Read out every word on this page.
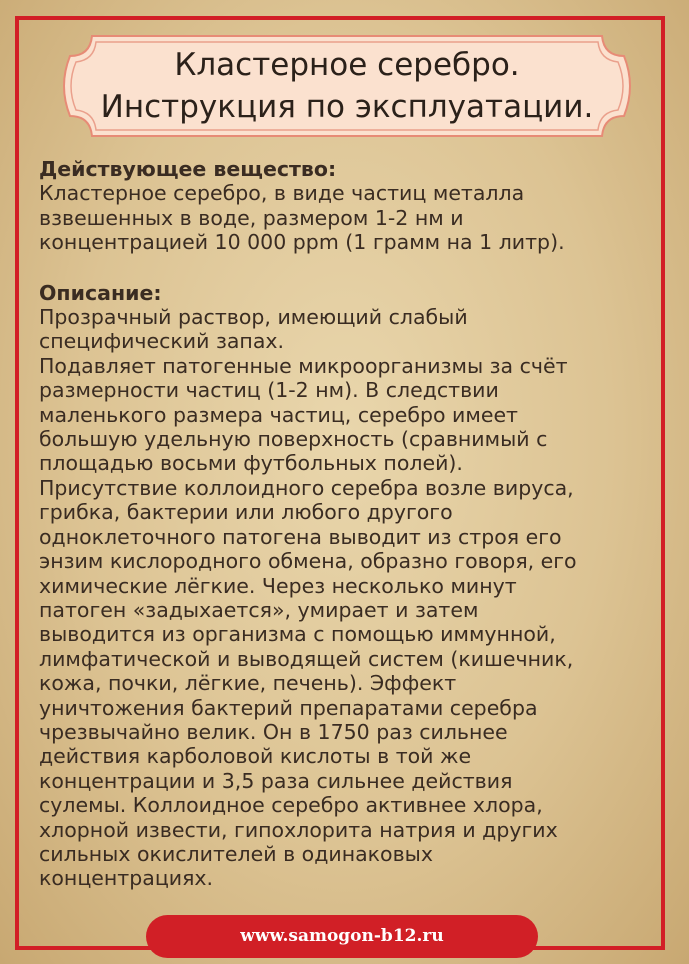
Кластерное серебро.
Инструкция по эксплуатации.

Действующее вещество:

Кластерное серебро, в виде частиц металла

взвешенных в воде, размером 1-2 нм и

концентрацией 10 000 ppm (1 грамм на 1 литр).

Описание:

Прозрачный раствор, имеющий слабый

специфический запах.

Подавляет патогенные микроорганизмы за счёт

размерности частиц (1-2 нм). В следствии

маленького размера частиц, серебро имеет

большую удельную поверхность (сравнимый с

площадью восьми футбольных полей).

Присутствие коллоидного серебра возле вируса,

грибка, бактерии или любого другого

одноклеточного патогена выводит из строя его

энзим кислородного обмена, образно говоря, его

химические лёгкие. Через несколько минут

патоген «задыхается», умирает и затем

выводится из организма с помощью иммунной,

лимфатической и выводящей систем (кишечник,

кожа, почки, лёгкие, печень). Эффект

уничтожения бактерий препаратами серебра

чрезвычайно велик. Он в 1750 раз сильнее

действия карболовой кислоты в той же

концентрации и 3,5 раза сильнее действия

сулемы. Коллоидное серебро активнее хлора,

хлорной извести, гипохлорита натрия и других

сильных окислителей в одинаковых

концентрациях.

www.samogon-b12.ru
